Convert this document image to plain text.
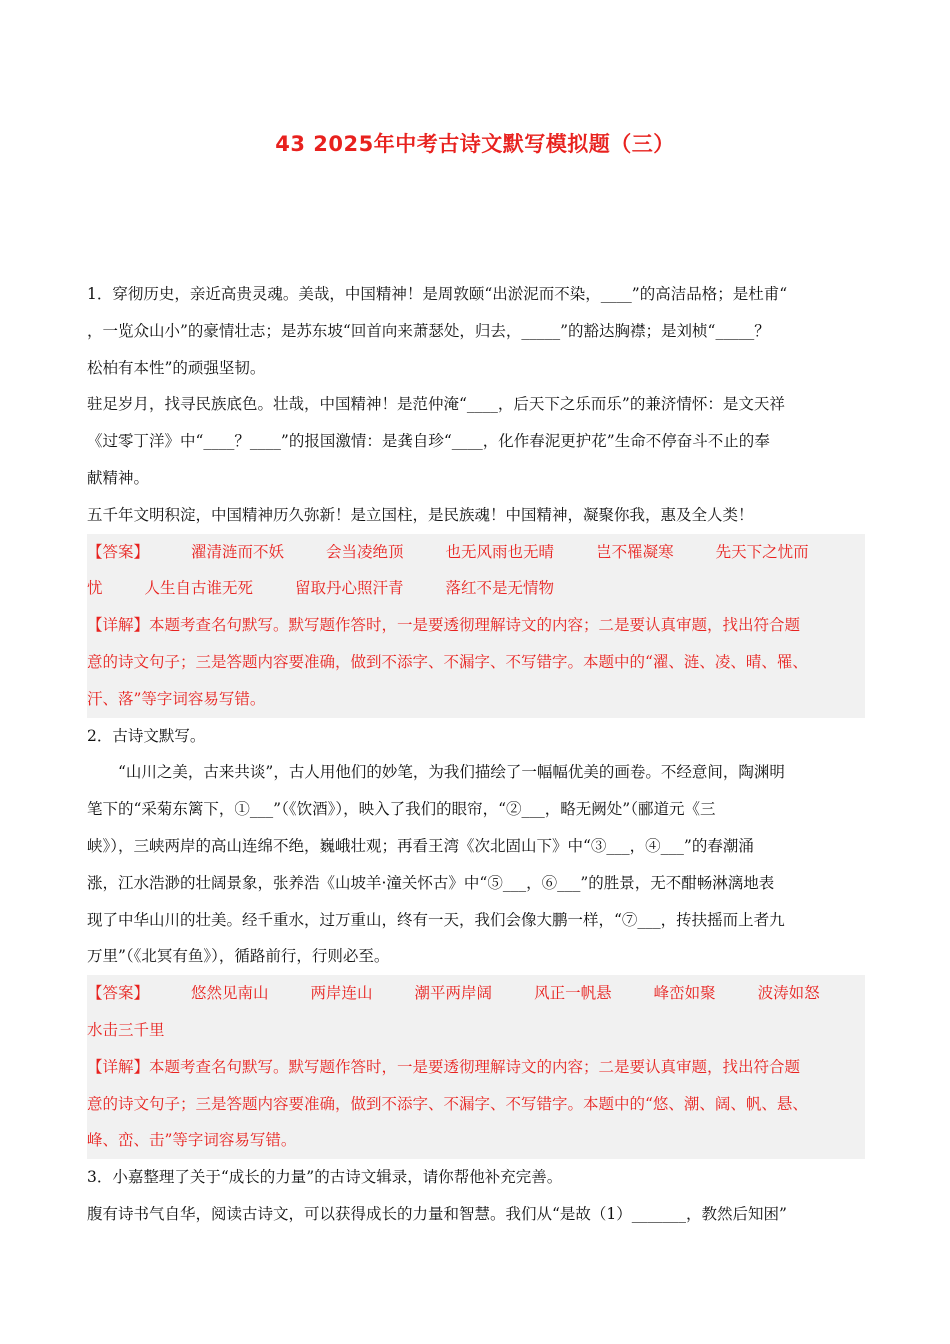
43 2025年中考古诗文默写模拟题（三）

1．穿彻历史，亲近高贵灵魂。美哉，中国精神！是周敦颐“出淤泥而不染，____”的高洁品格；是杜甫“

，一览众山小”的豪情壮志；是苏东坡“回首向来萧瑟处，归去，_____”的豁达胸襟；是刘桢“_____？

松柏有本性”的顽强坚韧。

驻足岁月，找寻民族底色。壮哉，中国精神！是范仲淹“____，后天下之乐而乐”的兼济情怀：是文天祥

《过零丁洋》中“____？____”的报国激情：是龚自珍“____，化作春泥更护花”生命不停奋斗不止的奉

献精神。

五千年文明积淀，中国精神历久弥新！是立国柱，是民族魂！中国精神，凝聚你我，惠及全人类！

【答案】	濯清涟而不妖	会当凌绝顶	也无风雨也无晴	岂不罹凝寒	先天下之忧而

忧	人生自古谁无死	留取丹心照汗青	落红不是无情物

【详解】本题考查名句默写。默写题作答时，一是要透彻理解诗文的内容；二是要认真审题，找出符合题

意的诗文句子；三是答题内容要准确，做到不添字、不漏字、不写错字。本题中的“濯、涟、凌、晴、罹、

汗、落”等字词容易写错。

2．古诗文默写。

“山川之美，古来共谈”，古人用他们的妙笔，为我们描绘了一幅幅优美的画卷。不经意间，陶渊明

笔下的“采菊东篱下，①___”（《饮酒》），映入了我们的眼帘，“②___，略无阙处”（郦道元《三

峡》），三峡两岸的高山连绵不绝，巍峨壮观；再看王湾《次北固山下》中“③___，④___”的春潮涌

涨，江水浩渺的壮阔景象，张养浩《山坡羊·潼关怀古》中“⑤___，⑥___”的胜景，无不酣畅淋漓地表

现了中华山川的壮美。经千重水，过万重山，终有一天，我们会像大鹏一样，“⑦___，抟扶摇而上者九

万里”（《北冥有鱼》），循路前行，行则必至。

【答案】	悠然见南山	两岸连山	潮平两岸阔	风正一帆悬	峰峦如聚	波涛如怒

水击三千里

【详解】本题考查名句默写。默写题作答时，一是要透彻理解诗文的内容；二是要认真审题，找出符合题

意的诗文句子；三是答题内容要准确，做到不添字、不漏字、不写错字。本题中的“悠、潮、阔、帆、悬、

峰、峦、击”等字词容易写错。

3．小嘉整理了关于“成长的力量”的古诗文辑录，请你帮他补充完善。

腹有诗书气自华，阅读古诗文，可以获得成长的力量和智慧。我们从“是故（1）_______，教然后知困”
